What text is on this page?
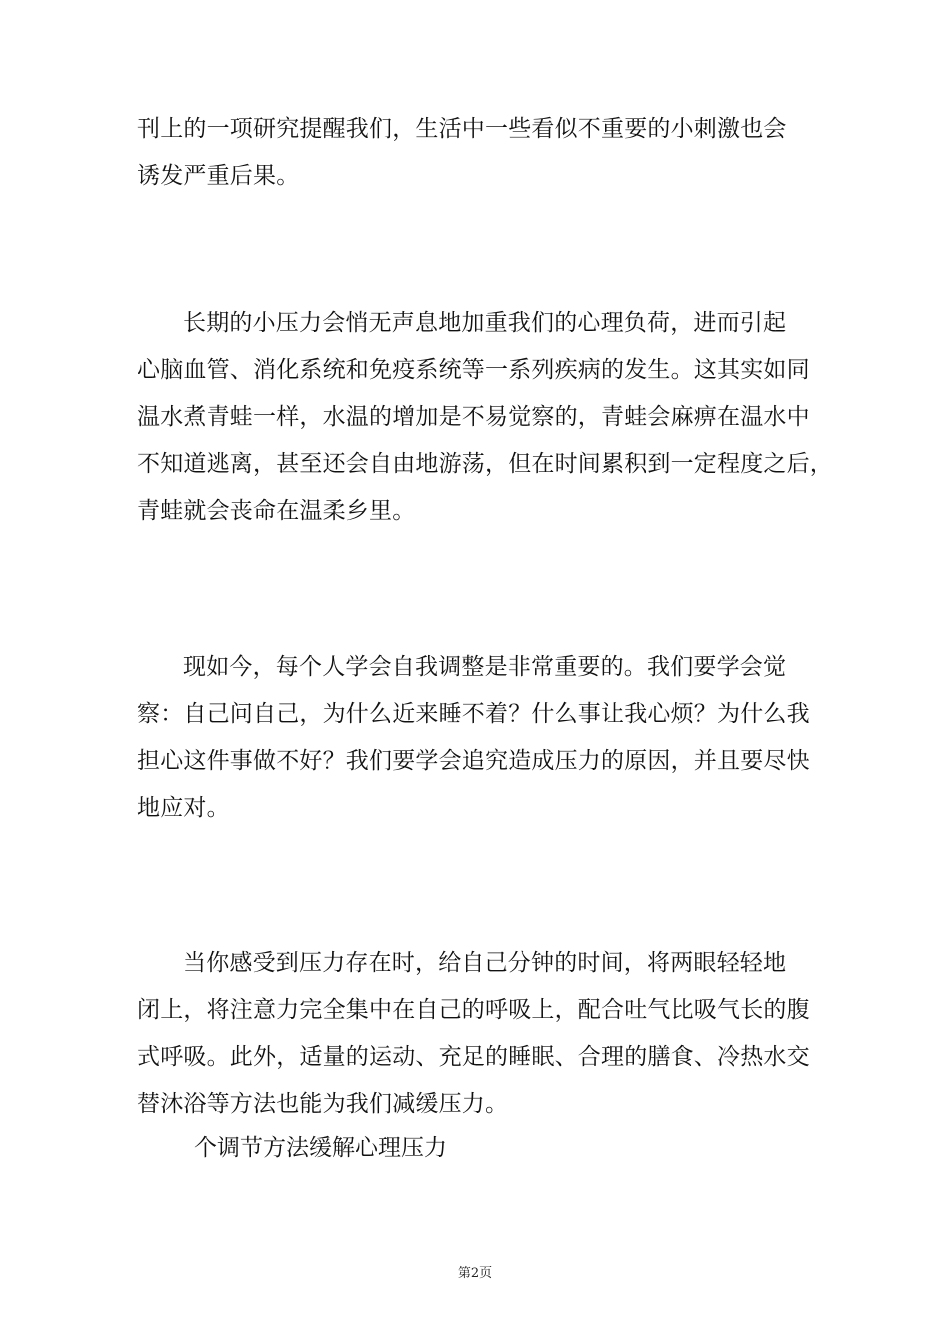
刊上的一项研究提醒我们，生活中一些看似不重要的小刺激也会
诱发严重后果。

长期的小压力会悄无声息地加重我们的心理负荷，进而引起
心脑血管、消化系统和免疫系统等一系列疾病的发生。这其实如同
温水煮青蛙一样，水温的增加是不易觉察的，青蛙会麻痹在温水中
不知道逃离，甚至还会自由地游荡，但在时间累积到一定程度之后，
青蛙就会丧命在温柔乡里。

现如今，每个人学会自我调整是非常重要的。我们要学会觉
察：自己问自己，为什么近来睡不着？什么事让我心烦？为什么我
担心这件事做不好？我们要学会追究造成压力的原因，并且要尽快
地应对。

当你感受到压力存在时，给自己分钟的时间，将两眼轻轻地
闭上，将注意力完全集中在自己的呼吸上，配合吐气比吸气长的腹
式呼吸。此外，适量的运动、充足的睡眠、合理的膳食、冷热水交
替沐浴等方法也能为我们减缓压力。

个调节方法缓解心理压力

第2页
